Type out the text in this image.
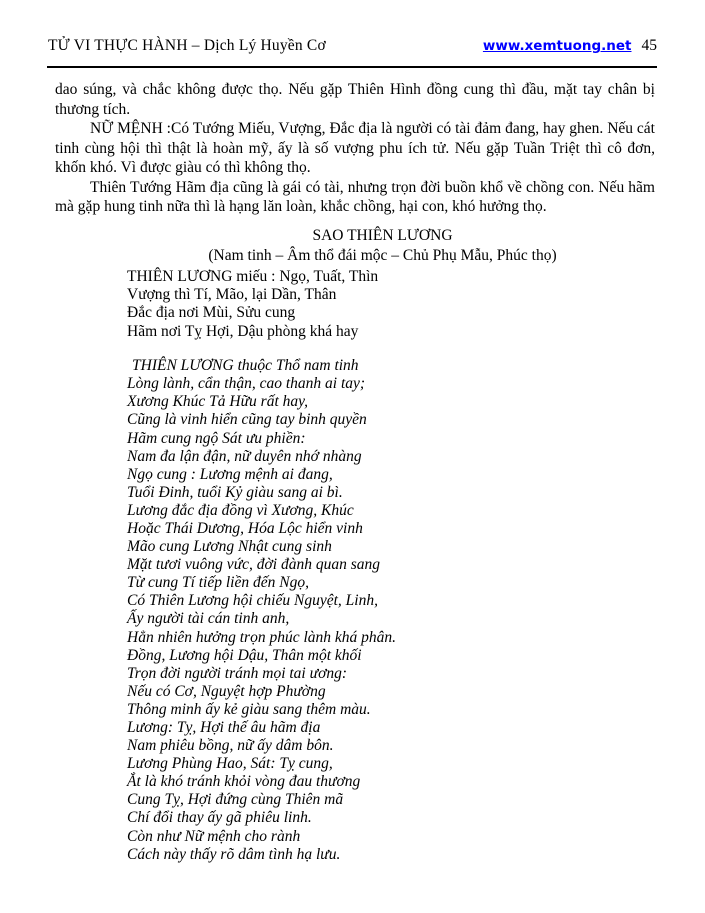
TỬ VI THỰC HÀNH – Dịch Lý Huyền Cơ	www.xemtuong.net 45

dao súng, và chắc không được thọ. Nếu gặp Thiên Hình đồng cung thì đầu, mặt tay chân bị thương tích.

NỮ MỆNH :Có Tướng Miếu, Vượng, Đắc địa là người có tài đảm đang, hay ghen. Nếu cát tinh cùng hội thì thật là hoàn mỹ, ấy là số vượng phu ích tử. Nếu gặp Tuần Triệt thì cô đơn, khốn khó. Vì được giàu có thì không thọ.

Thiên Tướng Hãm địa cũng là gái có tài, nhưng trọn đời buồn khổ về chồng con. Nếu hãm mà gặp hung tinh nữa thì là hạng lăn loàn, khắc chồng, hại con, khó hưởng thọ.

SAO THIÊN LƯƠNG
(Nam tinh – Âm thổ đái mộc – Chủ Phụ Mẫu, Phúc thọ)
THIÊN LƯƠNG miếu : Ngọ, Tuất, Thìn
Vượng thì Tí, Mão, lại Dần, Thân
Đắc địa nơi Mùi, Sửu cung
Hãm nơi Tỵ Hợi, Dậu phòng khá hay
THIÊN LƯƠNG thuộc Thổ nam tinh
Lòng lành, cẩn thận, cao thanh ai tay;
Xương Khúc Tả Hữu rất hay,
Cũng là vinh hiển cũng tay binh quyền
Hãm cung ngộ Sát ưu phiền:
Nam đa lận đận, nữ duyên nhớ nhàng
Ngọ cung : Lương mệnh ai đang,
Tuổi Đinh, tuổi Kỷ giàu sang ai bì.
Lương đắc địa đồng vì Xương, Khúc
Hoặc Thái Dương, Hóa Lộc hiển vinh
Mão cung Lương Nhật cung sinh
Mặt tươi vuông vức, đời đành quan sang
Từ cung Tí tiếp liền đến Ngọ,
Có Thiên Lương hội chiếu Nguyệt, Linh,
Ấy người tài cán tinh anh,
Hẳn nhiên hưởng trọn phúc lành khá phân.
Đồng, Lương hội Dậu, Thân một khối
Trọn đời người tránh mọi tai ương:
Nếu có Cơ, Nguyệt hợp Phường
Thông minh ấy kẻ giàu sang thêm màu.
Lương: Tỵ, Hợi thế âu hãm địa
Nam phiêu bồng, nữ ấy dâm bôn.
Lương Phùng Hao, Sát: Tỵ cung,
Ắt là khó tránh khỏi vòng đau thương
Cung Tỵ, Hợi đứng cùng Thiên mã
Chí đổi thay ấy gã phiêu linh.
Còn như Nữ mệnh cho rành
Cách này thấy rõ dâm tình hạ lưu.
